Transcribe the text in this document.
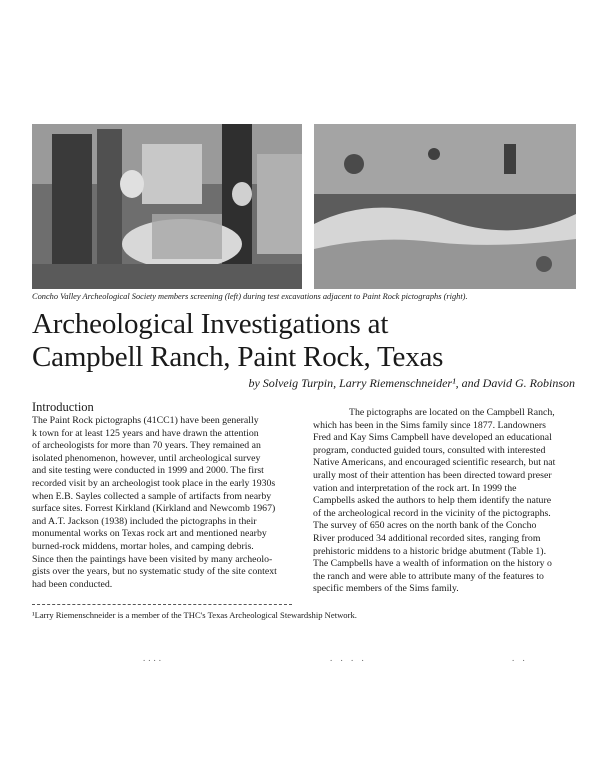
Concho Valley Archeological Society members screening (left) during test excavations adjacent to Paint Rock pictographs (right).
Archeological Investigations at
Campbell Ranch, Paint Rock, Texas
by Solveig Turpin, Larry Riemenschneider¹, and David G. Robinson
Introduction
The Paint Rock pictographs (41CC1) have been generally
k town for at least 125 years and have drawn the attention
of archeologists for more than 70 years. They remained an
isolated phenomenon, however, until archeological survey
and site testing were conducted in 1999 and 2000. The first
recorded visit by an archeologist took place in the early 1930s
when E.B. Sayles collected a sample of artifacts from nearby
surface sites. Forrest Kirkland (Kirkland and Newcomb 1967)
and A.T. Jackson (1938) included the pictographs in their
monumental works on Texas rock art and mentioned nearby
burned-rock middens, mortar holes, and camping debris.
Since then the paintings have been visited by many archeolo-
gists over the years, but no systematic study of the site context
had been conducted.
The pictographs are located on the Campbell Ranch,
which has been in the Sims family since 1877. Landowners
Fred and Kay Sims Campbell have developed an educational
program, conducted guided tours, consulted with interested
Native Americans, and encouraged scientific research, but nat
urally most of their attention has been directed toward preser
vation and interpretation of the rock art. In 1999 the
Campbells asked the authors to help them identify the nature
of the archeological record in the vicinity of the pictographs.
The survey of 650 acres on the north bank of the Concho
River produced 34 additional recorded sites, ranging from
prehistoric middens to a historic bridge abutment (Table 1).
The Campbells have a wealth of information on the history o
the ranch and were able to attribute many of the features to
specific members of the Sims family.
¹Larry Riemenschneider is a member of the THC's Texas Archeological Stewardship Network.
....	. . . .	. .
